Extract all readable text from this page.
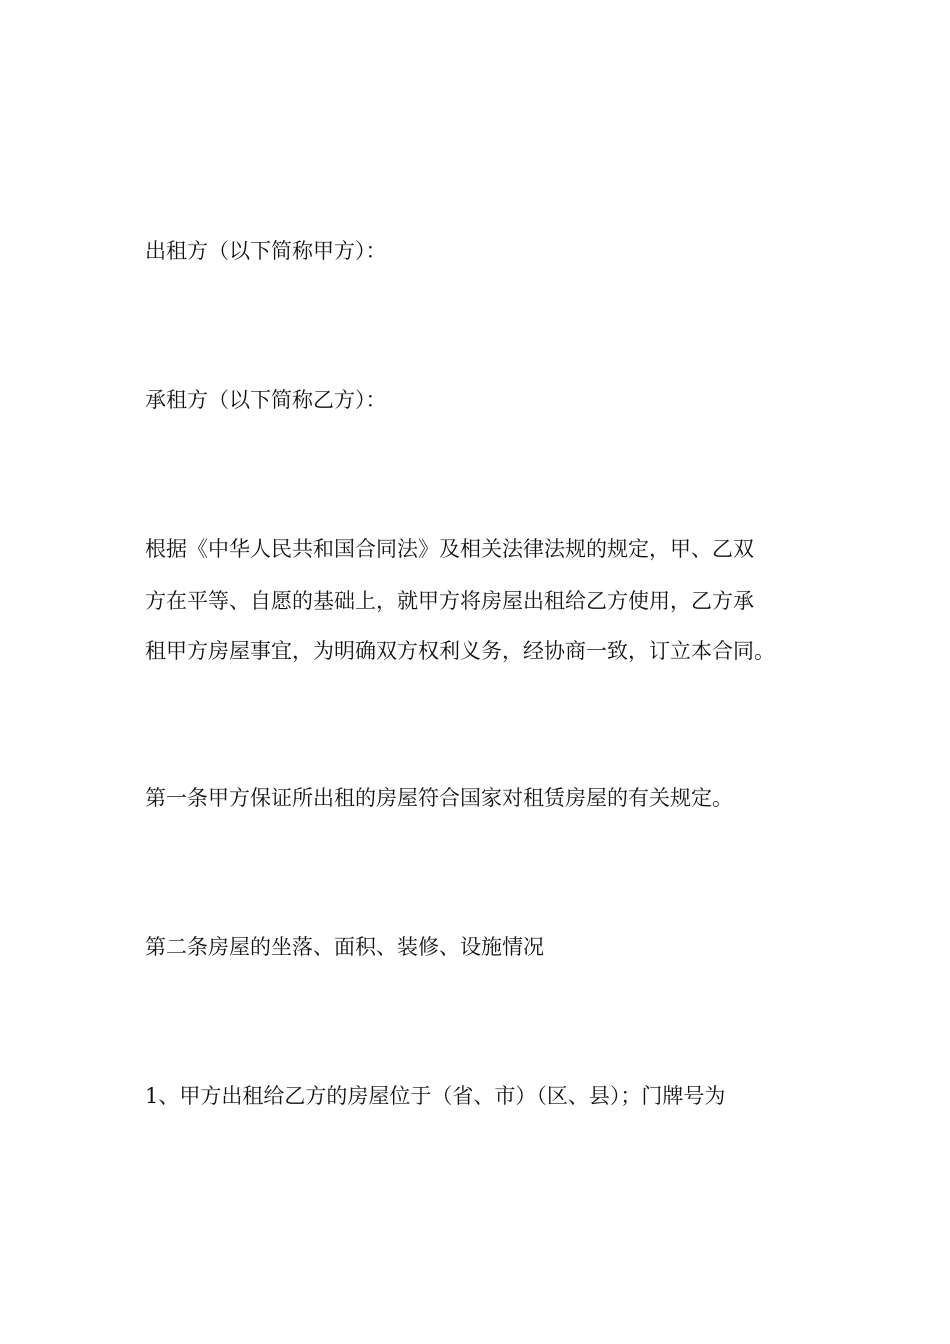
出租方（以下简称甲方）：
承租方（以下简称乙方）：
根据《中华人民共和国合同法》及相关法律法规的规定，甲、乙双
方在平等、自愿的基础上，就甲方将房屋出租给乙方使用，乙方承
租甲方房屋事宜，为明确双方权利义务，经协商一致，订立本合同。
第一条甲方保证所出租的房屋符合国家对租赁房屋的有关规定。
第二条房屋的坐落、面积、装修、设施情况
1、甲方出租给乙方的房屋位于（省、市）（区、县）；门牌号为
